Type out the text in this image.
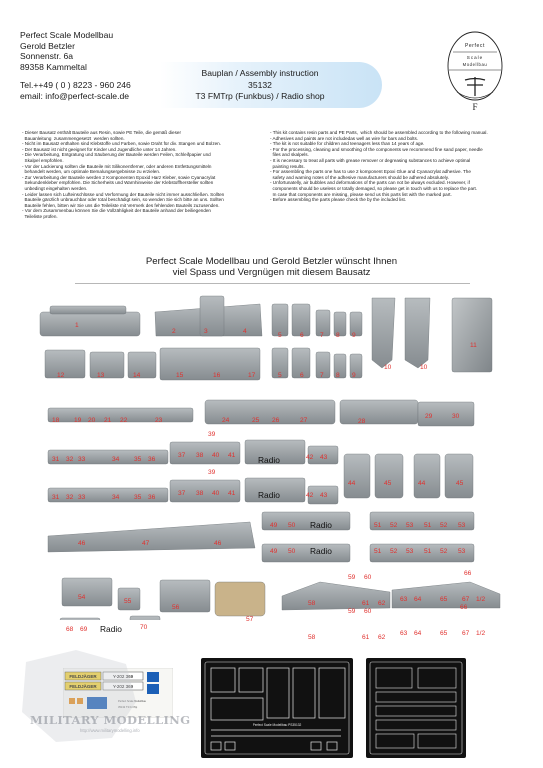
Perfect Scale Modellbau
Gerold Betzler
Sonnenstr. 6a
89358 Kammeltal
Tel.++49 ( 0 ) 8223 - 960 246
email: info@perfect-scale.de
Perfect
Scale
Modellbau
F
Bauplan / Assembly instruction
35132
T3 FMTrp (Funkbus) / Radio shop
- Dieser Bausatz enthält Bauteile aus Resin, sowie PE Teile, die gemäß dieser
Bauanleitung  zusammengesetzt  werden sollten.
- Nicht im Bausatz enthalten sind Klebstoffe und Farben, sowie Draht für div. Stangen und Bolzen.
- Der Bausatz ist nicht geeignet für Kinder und Jugendliche unter 14 Jahren.
- Die Verarbeitung, Entgratung und Säuberung der Bauteile werden Feilen, Schleifpapier und
Skalpel empfohlen.
- Vor der Lackierung sollten die Bauteile mit Silikonentferner, oder anderen Entfettungsmitteln
behandelt werden, um optimale Bemalungsergebnisse zu erzielen.
- Zur Verarbeitung der Bauteile werden 2 Komponenten Epoxid Harz Kleber, sowie Cyanacrylat
Sekundenkleber empfohlen. Die Sicherheits und Warnhinweise der Klebstoffhersteller sollten
unbedingt eingehalten werden.
- Leider lassen sich Lufteinschlüsse und Verformung der Bauteile nicht immer ausschließen. Sollten
Bauteile gänzlich unbrauchbar oder total beschädigt sein, so wenden Sie sich bitte an uns. Sollten
Bauteile fehlen, bitten wir Sie uns die Teileliste mit Vermerk des fehlenden Bauteils zuzusenden.
- Vor dem Zusammenbau können Sie die Vollzähligkeit der Bauteile anhand der beiliegenden
Teileliste prüfen.
- This kit contains resin parts and PE Parts,  which should be assembled according to the following manual.
- Adhesives and paints are not includedas well as wire for bars and bolts.
- The kit is not suitable for children and teenagers less than 14 years of age.
- For the processing, cleaning and smoothing of the components we recommend fine sand paper, needle
files and skalpels.
- It is necessary to treat all parts with grease remover or degreasing substances to achieve optimal
painting results.
- For assembling the parts one has to use 2 komponent Epoxi Glue and Cyanacrylat adhesive. The
safety and warning notes of the adhesive manufacturers should be adhered absolutely.
- Unfortunatelly, air bubbles and deformations of the parts can not be always excluded. However, if
components should be useless or totally demaged, so please get in touch with us to replace the part.
In case that components are missing, please send us this parts list with the marked part.
- Before assembling the parts please check the by the included list.
Perfect Scale Modellbau und Gerold Betzler wünscht Ihnen
viel Spass und Vergnügen mit diesem Bausatz
1
2	3	4
5	6 7 8 9
10	10
11
12	13	14	15	16	17	5	6 7 8 9
18 19 20 21 22	23	24	25 26	27	28
29	30
31 32 33	34 35 36
39
37 38 40 41	Radio	42 43
31 32 33	34 35 36
39
37 38 40 41	Radio	42 43
44	45	44	45
46	47	46
49 50 Radio	51 52 53 51 52 53
49 50 Radio	51 52 53 51 52 53
54
55
56
57
59 60
58	61 62
63 64
66
65 67 1/2
68 69 Radio	70
59 60
58	61 62
63 64
66
65 67 1/2
FELDJÄGER
FELDJÄGER
Y-202 369
Y-202 369
Perfect Scale Modellbau
35132 T3 FmTrp
Perfect Scale Modellbau PS35132
MILITARY MODELLING
http://www.militarymodelling.info
